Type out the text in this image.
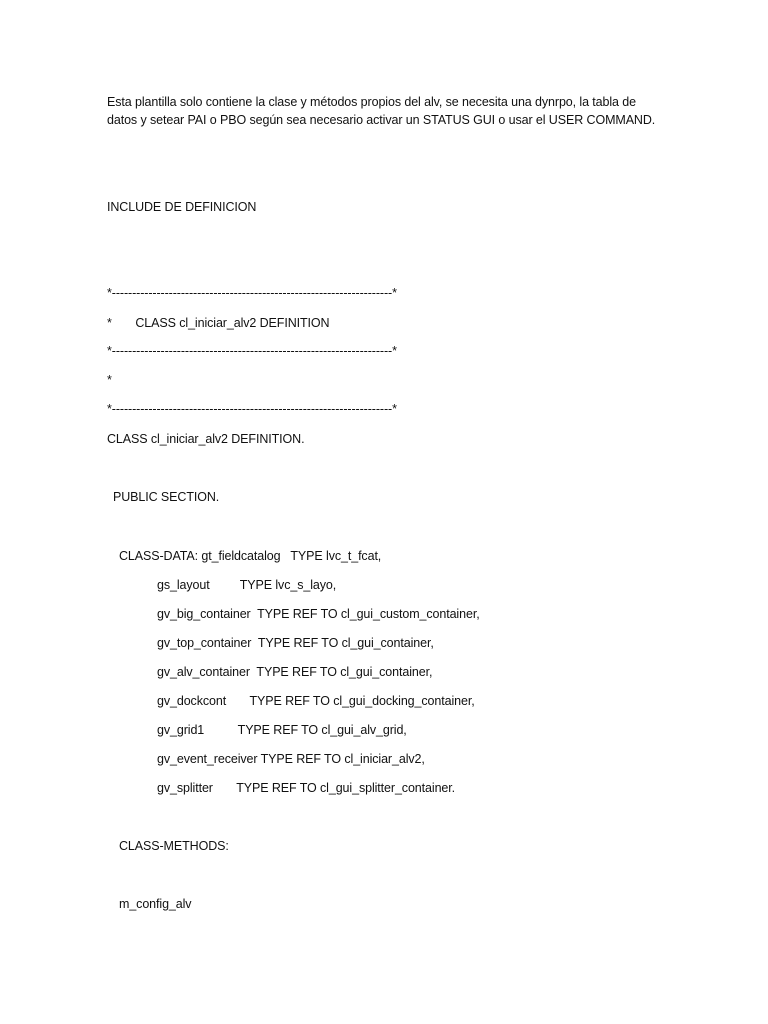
Esta plantilla solo contiene la clase y métodos propios del alv, se necesita una dynrpo, la tabla de datos y setear PAI o PBO según sea necesario activar un STATUS GUI o usar el USER COMMAND.
INCLUDE DE DEFINICION
*---------------------------------------------------------------------*
*       CLASS cl_iniciar_alv2 DEFINITION
*---------------------------------------------------------------------*
*
*---------------------------------------------------------------------*
CLASS cl_iniciar_alv2 DEFINITION.
PUBLIC SECTION.
CLASS-DATA: gt_fieldcatalog   TYPE lvc_t_fcat,
gs_layout         TYPE lvc_s_layo,
gv_big_container  TYPE REF TO cl_gui_custom_container,
gv_top_container  TYPE REF TO cl_gui_container,
gv_alv_container  TYPE REF TO cl_gui_container,
gv_dockcont       TYPE REF TO cl_gui_docking_container,
gv_grid1          TYPE REF TO cl_gui_alv_grid,
gv_event_receiver TYPE REF TO cl_iniciar_alv2,
gv_splitter       TYPE REF TO cl_gui_splitter_container.
CLASS-METHODS:
m_config_alv
